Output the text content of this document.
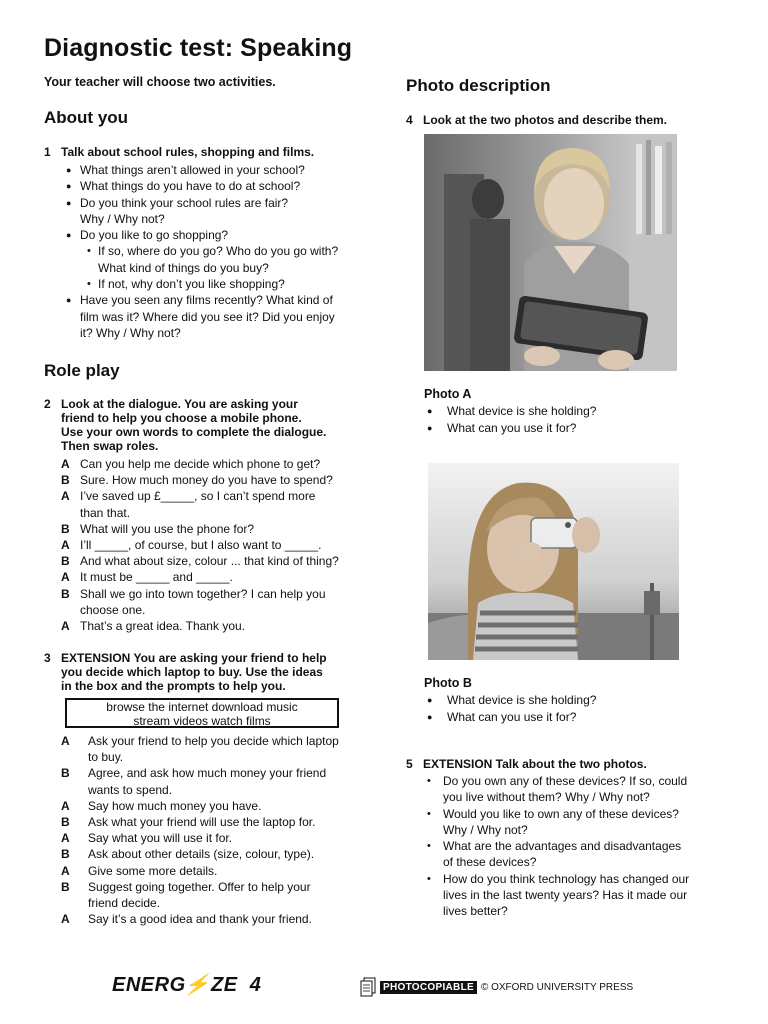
Diagnostic test: Speaking
Your teacher will choose two activities.
About you
1 Talk about school rules, shopping and films.
● What things aren’t allowed in your school?
● What things do you have to do at school?
● Do you think your school rules are fair?
Why / Why not?
● Do you like to go shopping?
• If so, where do you go? Who do you go with?
What kind of things do you buy?
• If not, why don’t you like shopping?
● Have you seen any films recently? What kind of
film was it? Where did you see it? Did you enjoy
it? Why / Why not?
Role play
2 Look at the dialogue. You are asking your
friend to help you choose a mobile phone.
Use your own words to complete the dialogue.
Then swap roles.
A Can you help me decide which phone to get?
B Sure. How much money do you have to spend?
A I’ve saved up £_____, so I can’t spend more
than that.
B What will you use the phone for?
A I’ll _____, of course, but I also want to _____.
B And what about size, colour ... that kind of thing?
A It must be _____ and _____.
B Shall we go into town together? I can help you
choose one.
A That’s a great idea. Thank you.
3 EXTENSION You are asking your friend to help
you decide which laptop to buy. Use the ideas
in the box and the prompts to help you.
browse the internet download music
stream videos watch films
A	Ask your friend to help you decide which laptop
to buy.
B	Agree, and ask how much money your friend
wants to spend.
A	Say how much money you have.
B	Ask what your friend will use the laptop for.
A	Say what you will use it for.
B	Ask about other details (size, colour, type).
A	Give some more details.
B	Suggest going together. Offer to help your
friend decide.
A	Say it’s a good idea and thank your friend.
Photo description
4 Look at the two photos and describe them.
Photo A
● What device is she holding?
● What can you use it for?
Photo B
● What device is she holding?
● What can you use it for?
5 EXTENSION Talk about the two photos.
• Do you own any of these devices? If so, could
you live without them? Why / Why not?
• Would you like to own any of these devices?
Why / Why not?
• What are the advantages and disadvantages
of these devices?
• How do you think technology has changed our
lives in the last twenty years? Has it made our
lives better?
ENERG⚡ZE 4	PHOTOCOPIABLE © OXFORD UNIVERSITY PRESS
